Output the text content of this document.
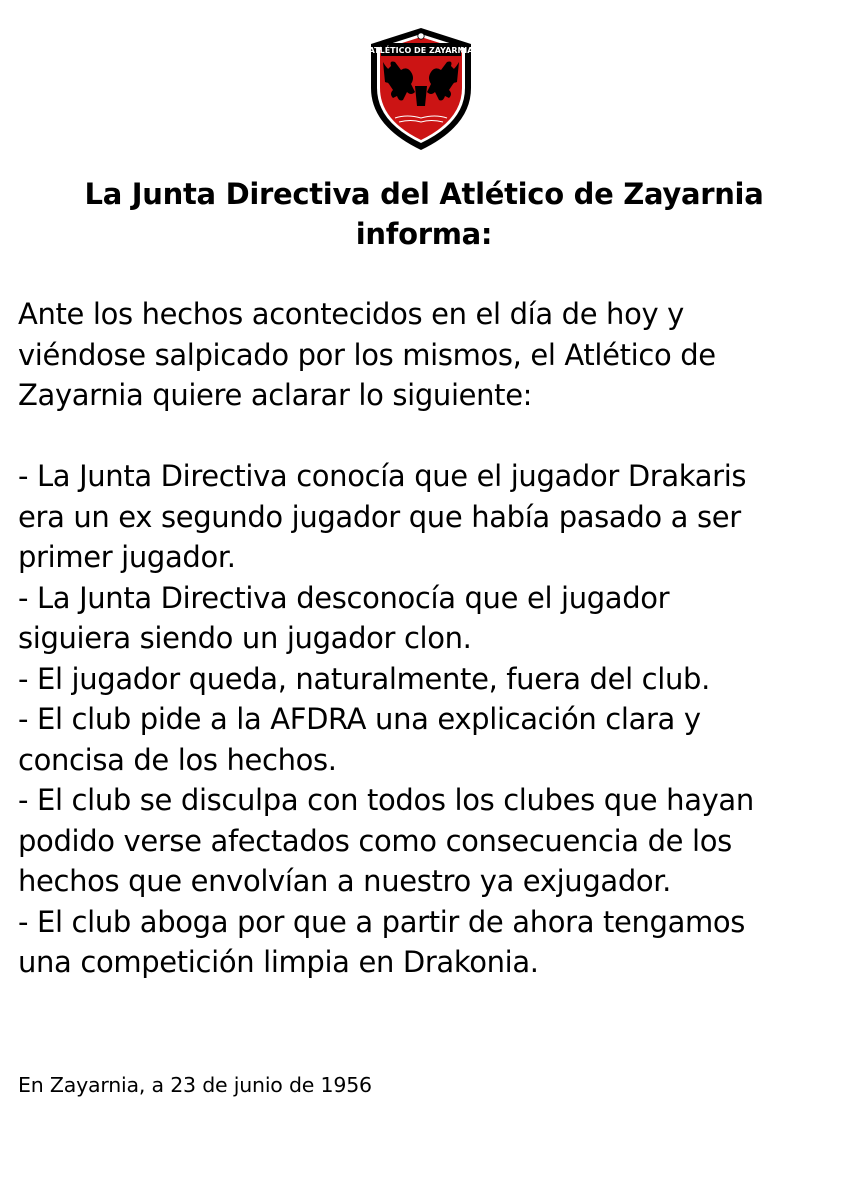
ATLÉTICO DE ZAYARNIA
La Junta Directiva del Atlético de Zayarnia
informa:

Ante los hechos acontecidos en el día de hoy y
viéndose salpicado por los mismos, el Atlético de
Zayarnia quiere aclarar lo siguiente:

- La Junta Directiva conocía que el jugador Drakaris
era un ex segundo jugador que había pasado a ser
primer jugador.

- La Junta Directiva desconocía que el jugador
siguiera siendo un jugador clon.

- El jugador queda, naturalmente, fuera del club.

- El club pide a la AFDRA una explicación clara y
concisa de los hechos.

- El club se disculpa con todos los clubes que hayan
podido verse afectados como consecuencia de los
hechos que envolvían a nuestro ya exjugador.

- El club aboga por que a partir de ahora tengamos
una competición limpia en Drakonia.

En Zayarnia, a 23 de junio de 1956
